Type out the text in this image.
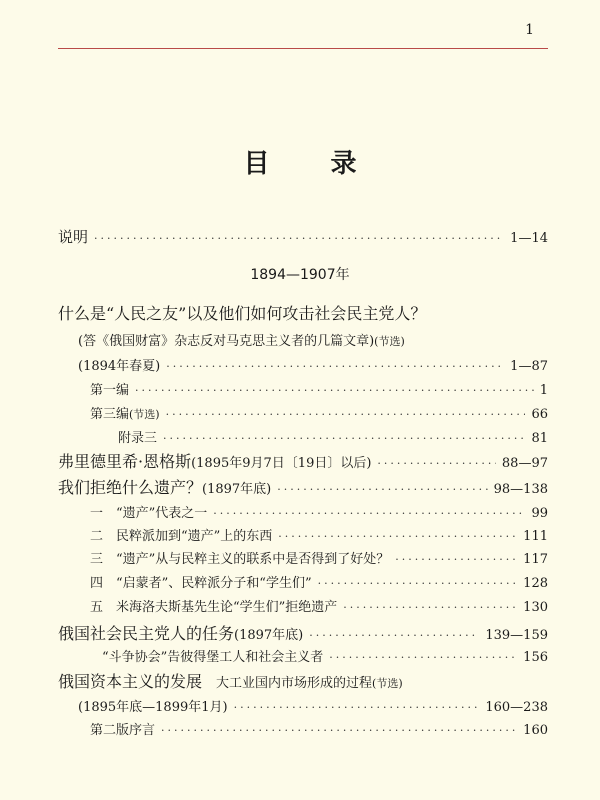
1
目 录
说明 ·····	1—14
1894—1907年
什么是“人民之友”以及他们如何攻击社会民主党人？
(答《俄国财富》杂志反对马克思主义者的几篇文章) (节选)
(1894年春夏) ·····	1—87
第一编 ·····	1
第三编(节选) ·····	66
附录三 ·····	81
弗里德里希·恩格斯(1895年9月7日〔19日〕以后) ·····	88—97
我们拒绝什么遗产？(1897年底) ·····	98—138
一　“遗产”代表之一 ·····	99
二　民粹派加到“遗产”上的东西 ·····	111
三　“遗产”从与民粹主义的联系中是否得到了好处？ ·····	117
四　“启蒙者”、民粹派分子和“学生们” ·····	128
五　米海洛夫斯基先生论“学生们”拒绝遗产 ·····	130
俄国社会民主党人的任务(1897年底) ·····	139—159
“斗争协会”告彼得堡工人和社会主义者 ·····	156
俄国资本主义的发展 大工业国内市场形成的过程 (节选)
(1895年底—1899年1月) ·····	160—238
第二版序言 ·····	160
